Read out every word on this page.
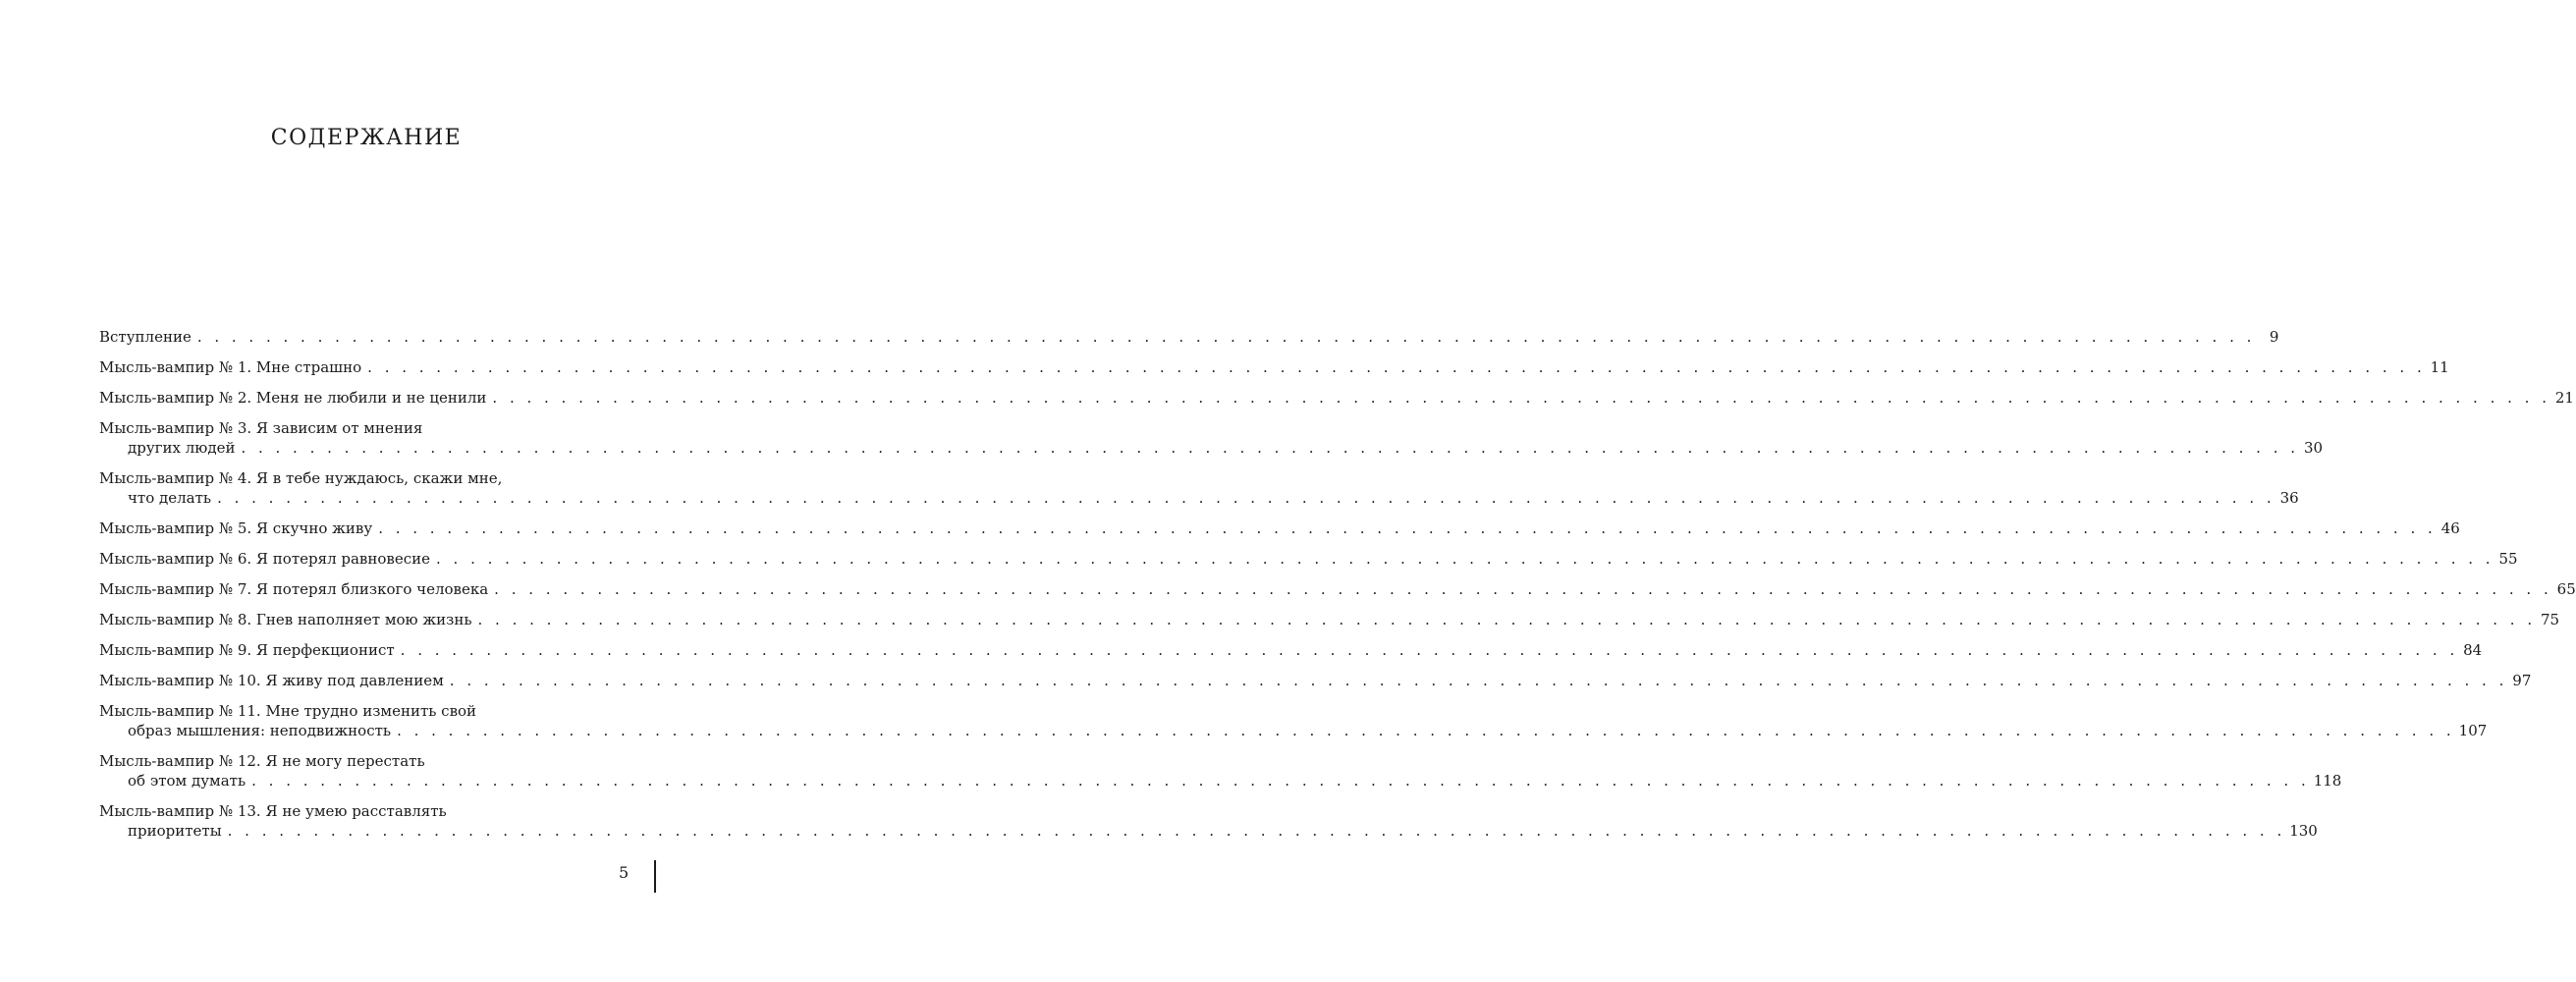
СОДЕРЖАНИЕ
Вступление . . . . . . . . . . . . . . . . . . . . . . . . . . . . . . . . . . . . . . . . . . . . . . . . . . . . . . . . . . . . . . . . . . . . . . . . . . . . . . . . . . . . . . . . . . . . . . . . . . . . . . . . . . . . . . . . . . . . . . . . 9
Мысль-вампир № 1. Мне страшно . . . . . . . . . . . . . . . . . . . . . . . . . . . . . . . . . . . . . . . . . . . . . . . . . . . . . . . . . . . . . . . . . . . . . . . . . . . . . . . . . . . . . . . . . . . . . . . . . . . . . . . . . . . . . . . . . . . . . . . . 11
Мысль-вампир № 2. Меня не любили и не ценили . . . . . . . . . . . . . . . . . . . . . . . . . . . . . . . . . . . . . . . . . . . . . . . . . . . . . . . . . . . . . . . . . . . . . . . . . . . . . . . . . . . . . . . . . . . . . . . . . . . . . . . . . . . . . . . . . . . . . . . . 21
Мысль-вампир № 3. Я зависим от мнения
других людей . . . . . . . . . . . . . . . . . . . . . . . . . . . . . . . . . . . . . . . . . . . . . . . . . . . . . . . . . . . . . . . . . . . . . . . . . . . . . . . . . . . . . . . . . . . . . . . . . . . . . . . . . . . . . . . . . . . . . . . . 30
Мысль-вампир № 4. Я в тебе нуждаюсь, скажи мне,
что делать . . . . . . . . . . . . . . . . . . . . . . . . . . . . . . . . . . . . . . . . . . . . . . . . . . . . . . . . . . . . . . . . . . . . . . . . . . . . . . . . . . . . . . . . . . . . . . . . . . . . . . . . . . . . . . . . . . . . . . . . 36
Мысль-вампир № 5. Я скучно живу . . . . . . . . . . . . . . . . . . . . . . . . . . . . . . . . . . . . . . . . . . . . . . . . . . . . . . . . . . . . . . . . . . . . . . . . . . . . . . . . . . . . . . . . . . . . . . . . . . . . . . . . . . . . . . . . . . . . . . . . 46
Мысль-вампир № 6. Я потерял равновесие . . . . . . . . . . . . . . . . . . . . . . . . . . . . . . . . . . . . . . . . . . . . . . . . . . . . . . . . . . . . . . . . . . . . . . . . . . . . . . . . . . . . . . . . . . . . . . . . . . . . . . . . . . . . . . . . . . . . . . . . 55
Мысль-вампир № 7. Я потерял близкого человека . . . . . . . . . . . . . . . . . . . . . . . . . . . . . . . . . . . . . . . . . . . . . . . . . . . . . . . . . . . . . . . . . . . . . . . . . . . . . . . . . . . . . . . . . . . . . . . . . . . . . . . . . . . . . . . . . . . . . . . . 65
Мысль-вампир № 8. Гнев наполняет мою жизнь . . . . . . . . . . . . . . . . . . . . . . . . . . . . . . . . . . . . . . . . . . . . . . . . . . . . . . . . . . . . . . . . . . . . . . . . . . . . . . . . . . . . . . . . . . . . . . . . . . . . . . . . . . . . . . . . . . . . . . . . 75
Мысль-вампир № 9. Я перфекционист . . . . . . . . . . . . . . . . . . . . . . . . . . . . . . . . . . . . . . . . . . . . . . . . . . . . . . . . . . . . . . . . . . . . . . . . . . . . . . . . . . . . . . . . . . . . . . . . . . . . . . . . . . . . . . . . . . . . . . . . 84
Мысль-вампир № 10. Я живу под давлением . . . . . . . . . . . . . . . . . . . . . . . . . . . . . . . . . . . . . . . . . . . . . . . . . . . . . . . . . . . . . . . . . . . . . . . . . . . . . . . . . . . . . . . . . . . . . . . . . . . . . . . . . . . . . . . . . . . . . . . . 97
Мысль-вампир № 11. Мне трудно изменить свой
образ мышления: неподвижность . . . . . . . . . . . . . . . . . . . . . . . . . . . . . . . . . . . . . . . . . . . . . . . . . . . . . . . . . . . . . . . . . . . . . . . . . . . . . . . . . . . . . . . . . . . . . . . . . . . . . . . . . . . . . . . . . . . . . . . . 107
Мысль-вампир № 12. Я не могу перестать
об этом думать . . . . . . . . . . . . . . . . . . . . . . . . . . . . . . . . . . . . . . . . . . . . . . . . . . . . . . . . . . . . . . . . . . . . . . . . . . . . . . . . . . . . . . . . . . . . . . . . . . . . . . . . . . . . . . . . . . . . . . . . 118
Мысль-вампир № 13. Я не умею расставлять
приоритеты . . . . . . . . . . . . . . . . . . . . . . . . . . . . . . . . . . . . . . . . . . . . . . . . . . . . . . . . . . . . . . . . . . . . . . . . . . . . . . . . . . . . . . . . . . . . . . . . . . . . . . . . . . . . . . . . . . . . . . . . 130
5
